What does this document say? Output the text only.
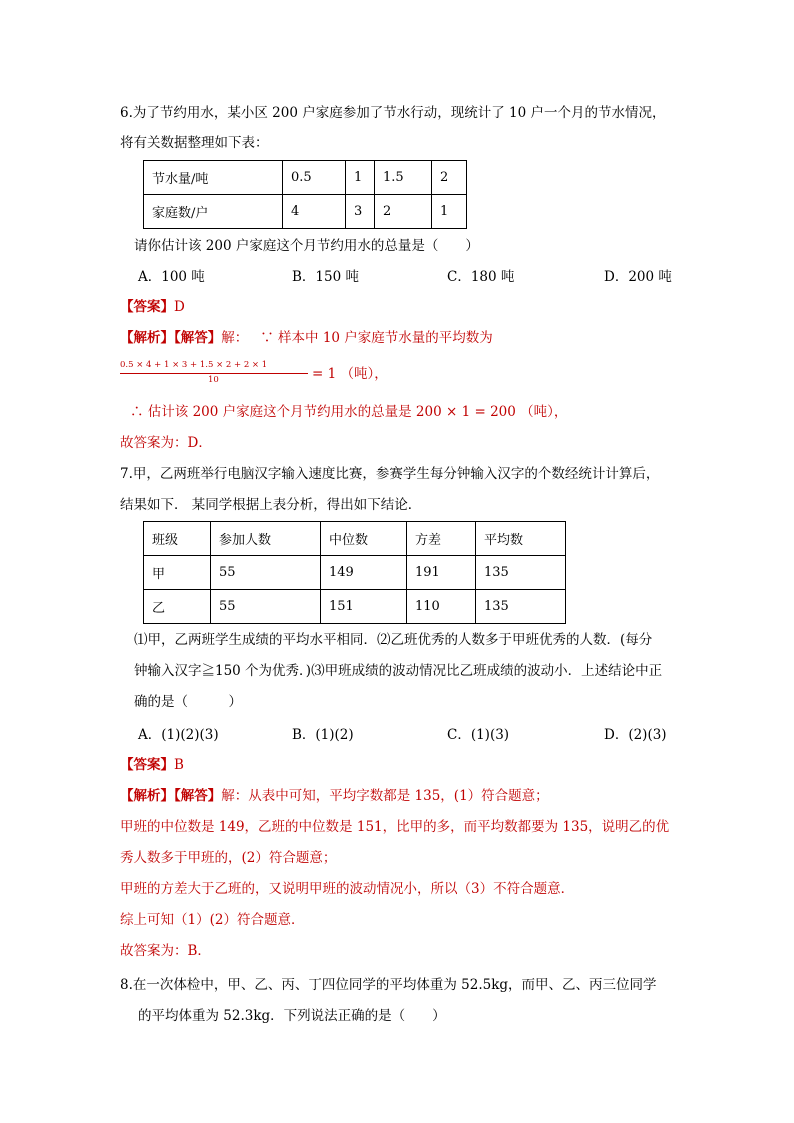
6.为了节约用水，某小区 200 户家庭参加了节水行动，现统计了 10 户一个月的节水情况，
将有关数据整理如下表：
节水量/吨	0.5	1	1.5	2
家庭数/户	4	3	2	1
请你估计该 200 户家庭这个月节约用水的总量是（　　）
A．100 吨	B．150 吨	C．180 吨	D．200 吨
【答案】D
【解析】【解答】解： ∵ 样本中 10 户家庭节水量的平均数为
0.5 × 4 + 1 × 3 + 1.5 × 2 + 2 × 1
10	= 1 （吨），
∴ 估计该 200 户家庭这个月节约用水的总量是 200 × 1 = 200 （吨），
故答案为：D．
7.甲，乙两班举行电脑汉字输入速度比赛，参赛学生每分钟输入汉字的个数经统计计算后，
结果如下． 某同学根据上表分析，得出如下结论．
班级	参加人数	中位数	方差	平均数
甲	55	149	191	135
乙	55	151	110	135
⑴甲，乙两班学生成绩的平均水平相同．⑵乙班优秀的人数多于甲班优秀的人数．(每分
钟输入汉字≧150 个为优秀．)⑶甲班成绩的波动情况比乙班成绩的波动小．上述结论中正
确的是（　　　）
A．(1)(2)(3)	B．(1)(2)	C．(1)(3)	D．(2)(3)
【答案】B
【解析】【解答】解：从表中可知，平均字数都是 135，(1）符合题意；
甲班的中位数是 149，乙班的中位数是 151，比甲的多，而平均数都要为 135，说明乙的优
秀人数多于甲班的，(2）符合题意；
甲班的方差大于乙班的，又说明甲班的波动情况小，所以（3）不符合题意．
综上可知（1）(2）符合题意．
故答案为：B．
8.在一次体检中，甲、乙、丙、丁四位同学的平均体重为 52.5kg，而甲、乙、丙三位同学
的平均体重为 52.3kg．下列说法正确的是（　　）
